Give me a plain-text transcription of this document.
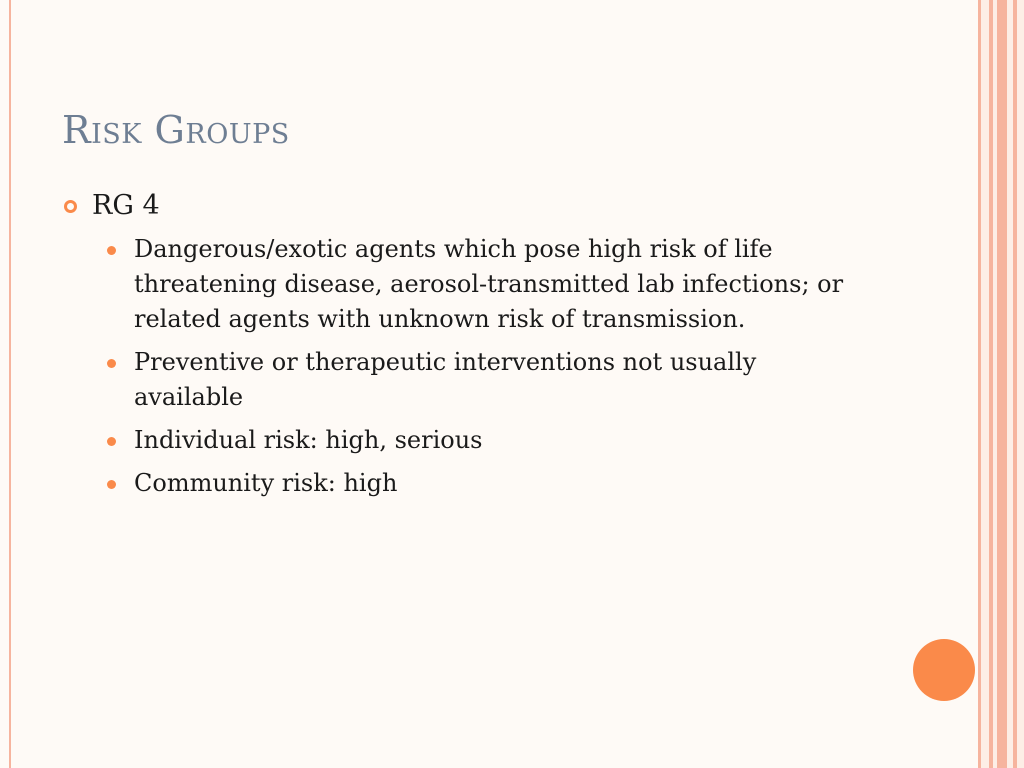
Risk Groups
RG 4
Dangerous/exotic agents which pose high risk of life threatening disease, aerosol-transmitted lab infections; or related agents with unknown risk of transmission.
Preventive or therapeutic interventions not usually available
Individual risk: high, serious
Community risk: high
